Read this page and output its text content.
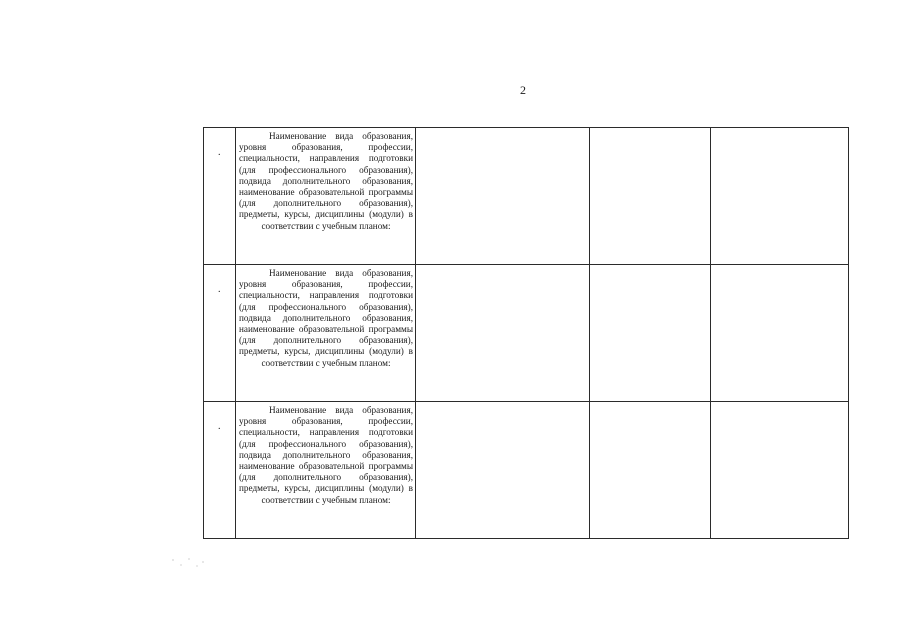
2
.	Наименование вида образования, уровня образования, профессии, специальности, направления подготовки (для профессионального образования), подвида дополнительного образования, наименование образовательной программы (для дополнительного образования), предметы, курсы, дисциплины (модули) в соответствии с учебным планом:			

.	Наименование вида образования, уровня образования, профессии, специальности, направления подготовки (для профессионального образования), подвида дополнительного образования, наименование образовательной программы (для дополнительного образования), предметы, курсы, дисциплины (модули) в соответствии с учебным планом:			

.	Наименование вида образования, уровня образования, профессии, специальности, направления подготовки (для профессионального образования), подвида дополнительного образования, наименование образовательной программы (для дополнительного образования), предметы, курсы, дисциплины (модули) в соответствии с учебным планом:			
